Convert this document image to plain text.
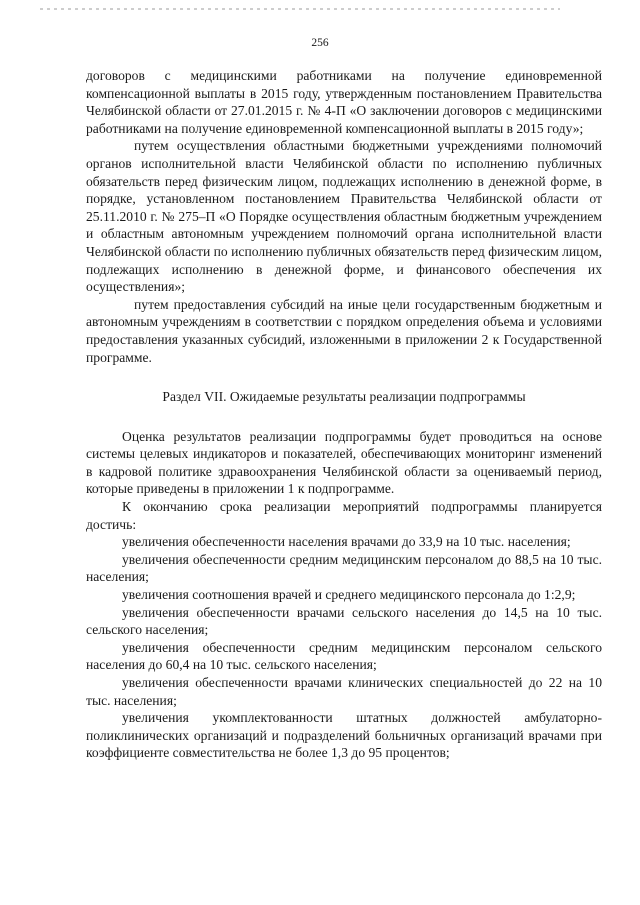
256

договоров с медицинскими работниками на получение единовременной компенсационной выплаты в 2015 году, утвержденным постановлением Правительства Челябинской области от 27.01.2015 г. № 4-П «О заключении договоров с медицинскими работниками на получение единовременной компенсационной выплаты в 2015 году»;

путем осуществления областными бюджетными учреждениями полномочий органов исполнительной власти Челябинской области по исполнению публичных обязательств перед физическим лицом, подлежащих исполнению в денежной форме, в порядке, установленном постановлением Правительства Челябинской области от 25.11.2010 г. № 275–П «О Порядке осуществления областным бюджетным учреждением и областным автономным учреждением полномочий органа исполнительной власти Челябинской области по исполнению публичных обязательств перед физическим лицом, подлежащих исполнению в денежной форме, и финансового обеспечения их осуществления»;

путем предоставления субсидий на иные цели государственным бюджетным и автономным учреждениям в соответствии с порядком определения объема и условиями предоставления указанных субсидий, изложенными в приложении 2 к Государственной программе.

Раздел VII. Ожидаемые результаты реализации подпрограммы

Оценка результатов реализации подпрограммы будет проводиться на основе системы целевых индикаторов и показателей, обеспечивающих мониторинг изменений в кадровой политике здравоохранения Челябинской области за оцениваемый период, которые приведены в приложении 1 к подпрограмме.

К окончанию срока реализации мероприятий подпрограммы планируется достичь:

увеличения обеспеченности населения врачами до 33,9 на 10 тыс. населения;

увеличения обеспеченности средним медицинским персоналом до 88,5 на 10 тыс. населения;

увеличения соотношения врачей и среднего медицинского персонала до 1:2,9;

увеличения обеспеченности врачами сельского населения до 14,5 на 10 тыс. сельского населения;

увеличения обеспеченности средним медицинским персоналом сельского населения до 60,4 на 10 тыс. сельского населения;

увеличения обеспеченности врачами клинических специальностей до 22 на 10 тыс. населения;

увеличения укомплектованности штатных должностей амбулаторно-поликлинических организаций и подразделений больничных организаций врачами при коэффициенте совместительства не более 1,3 до 95 процентов;
